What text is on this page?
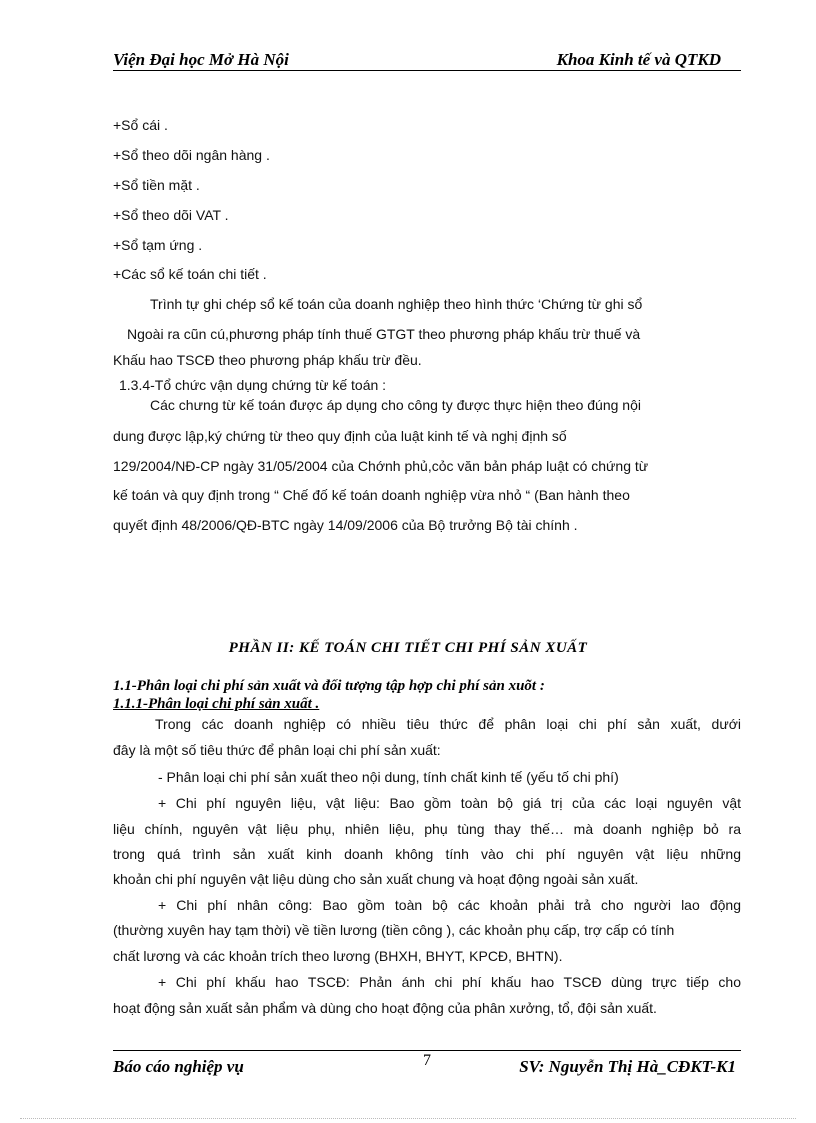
Viện Đại học Mở Hà Nội	Khoa Kinh tế và QTKD
+Sổ cái .
+Sổ theo dõi ngân hàng .
+Sổ tiền mặt .
+Sổ theo dõi VAT .
+Sổ tạm ứng .
+Các sổ kế toán chi tiết .
Trình tự ghi chép sổ kế toán của doanh nghiệp theo hình thức ‘Chứng từ ghi sổ
Ngoài ra cũn cú,phương pháp tính thuế GTGT theo phương pháp khấu trừ thuế và
Khấu hao TSCĐ theo phương pháp khấu trừ đều.
1.3.4-Tổ chức vận dụng chứng từ kế toán :
Các chưng từ kế toán được áp dụng cho công ty được thực hiện theo đúng nội
dung được lập,ký chứng từ theo quy định của luật kinh tế và nghị định số
129/2004/NĐ-CP ngày 31/05/2004 của Chớnh phủ,cỏc văn bản pháp luật có chứng từ
kế toán và quy định trong “ Chế đố kế toán doanh nghiệp vừa nhỏ “ (Ban hành theo
quyết định 48/2006/QĐ-BTC ngày 14/09/2006 của Bộ trưởng Bộ tài chính .
PHẦN II: KẾ TOÁN CHI TIẾT CHI PHÍ SẢN XUẤT
1.1-Phân loại chi phí sản xuất và đối tượng tập hợp chi phí sản xuõt :
1.1.1-Phân loại chi phí sản xuất .
Trong các doanh nghiệp có nhiều tiêu thức để phân loại chi phí sản xuất, dưới
đây là một số tiêu thức để phân loại chi phí sản xuất:
- Phân loại chi phí sản xuất theo nội dung, tính chất kinh tế (yếu tố chi phí)
+ Chi phí nguyên liệu, vật liệu: Bao gồm toàn bộ giá trị của các loại nguyên vật
liệu chính, nguyên vật liệu phụ, nhiên liệu, phụ tùng thay thế… mà doanh nghiệp bỏ ra
trong quá trình sản xuất kinh doanh không tính vào chi phí nguyên vật liệu những
khoản chi phí nguyên vật liệu dùng cho sản xuất chung và hoạt động ngoài sản xuất.
+ Chi phí nhân công: Bao gồm toàn bộ các khoản phải trả cho người lao động
(thường xuyên hay tạm thời) về tiền lương (tiền công ), các khoản phụ cấp, trợ cấp có tính
chất lương và các khoản trích theo lương (BHXH, BHYT, KPCĐ, BHTN).
+ Chi phí khấu hao TSCĐ: Phản ánh chi phí khấu hao TSCĐ dùng trực tiếp cho
hoạt động sản xuất sản phẩm và dùng cho hoạt động của phân xưởng, tổ, đội sản xuất.
Báo cáo nghiệp vụ	7	SV: Nguyễn Thị Hà_CĐKT-K1
